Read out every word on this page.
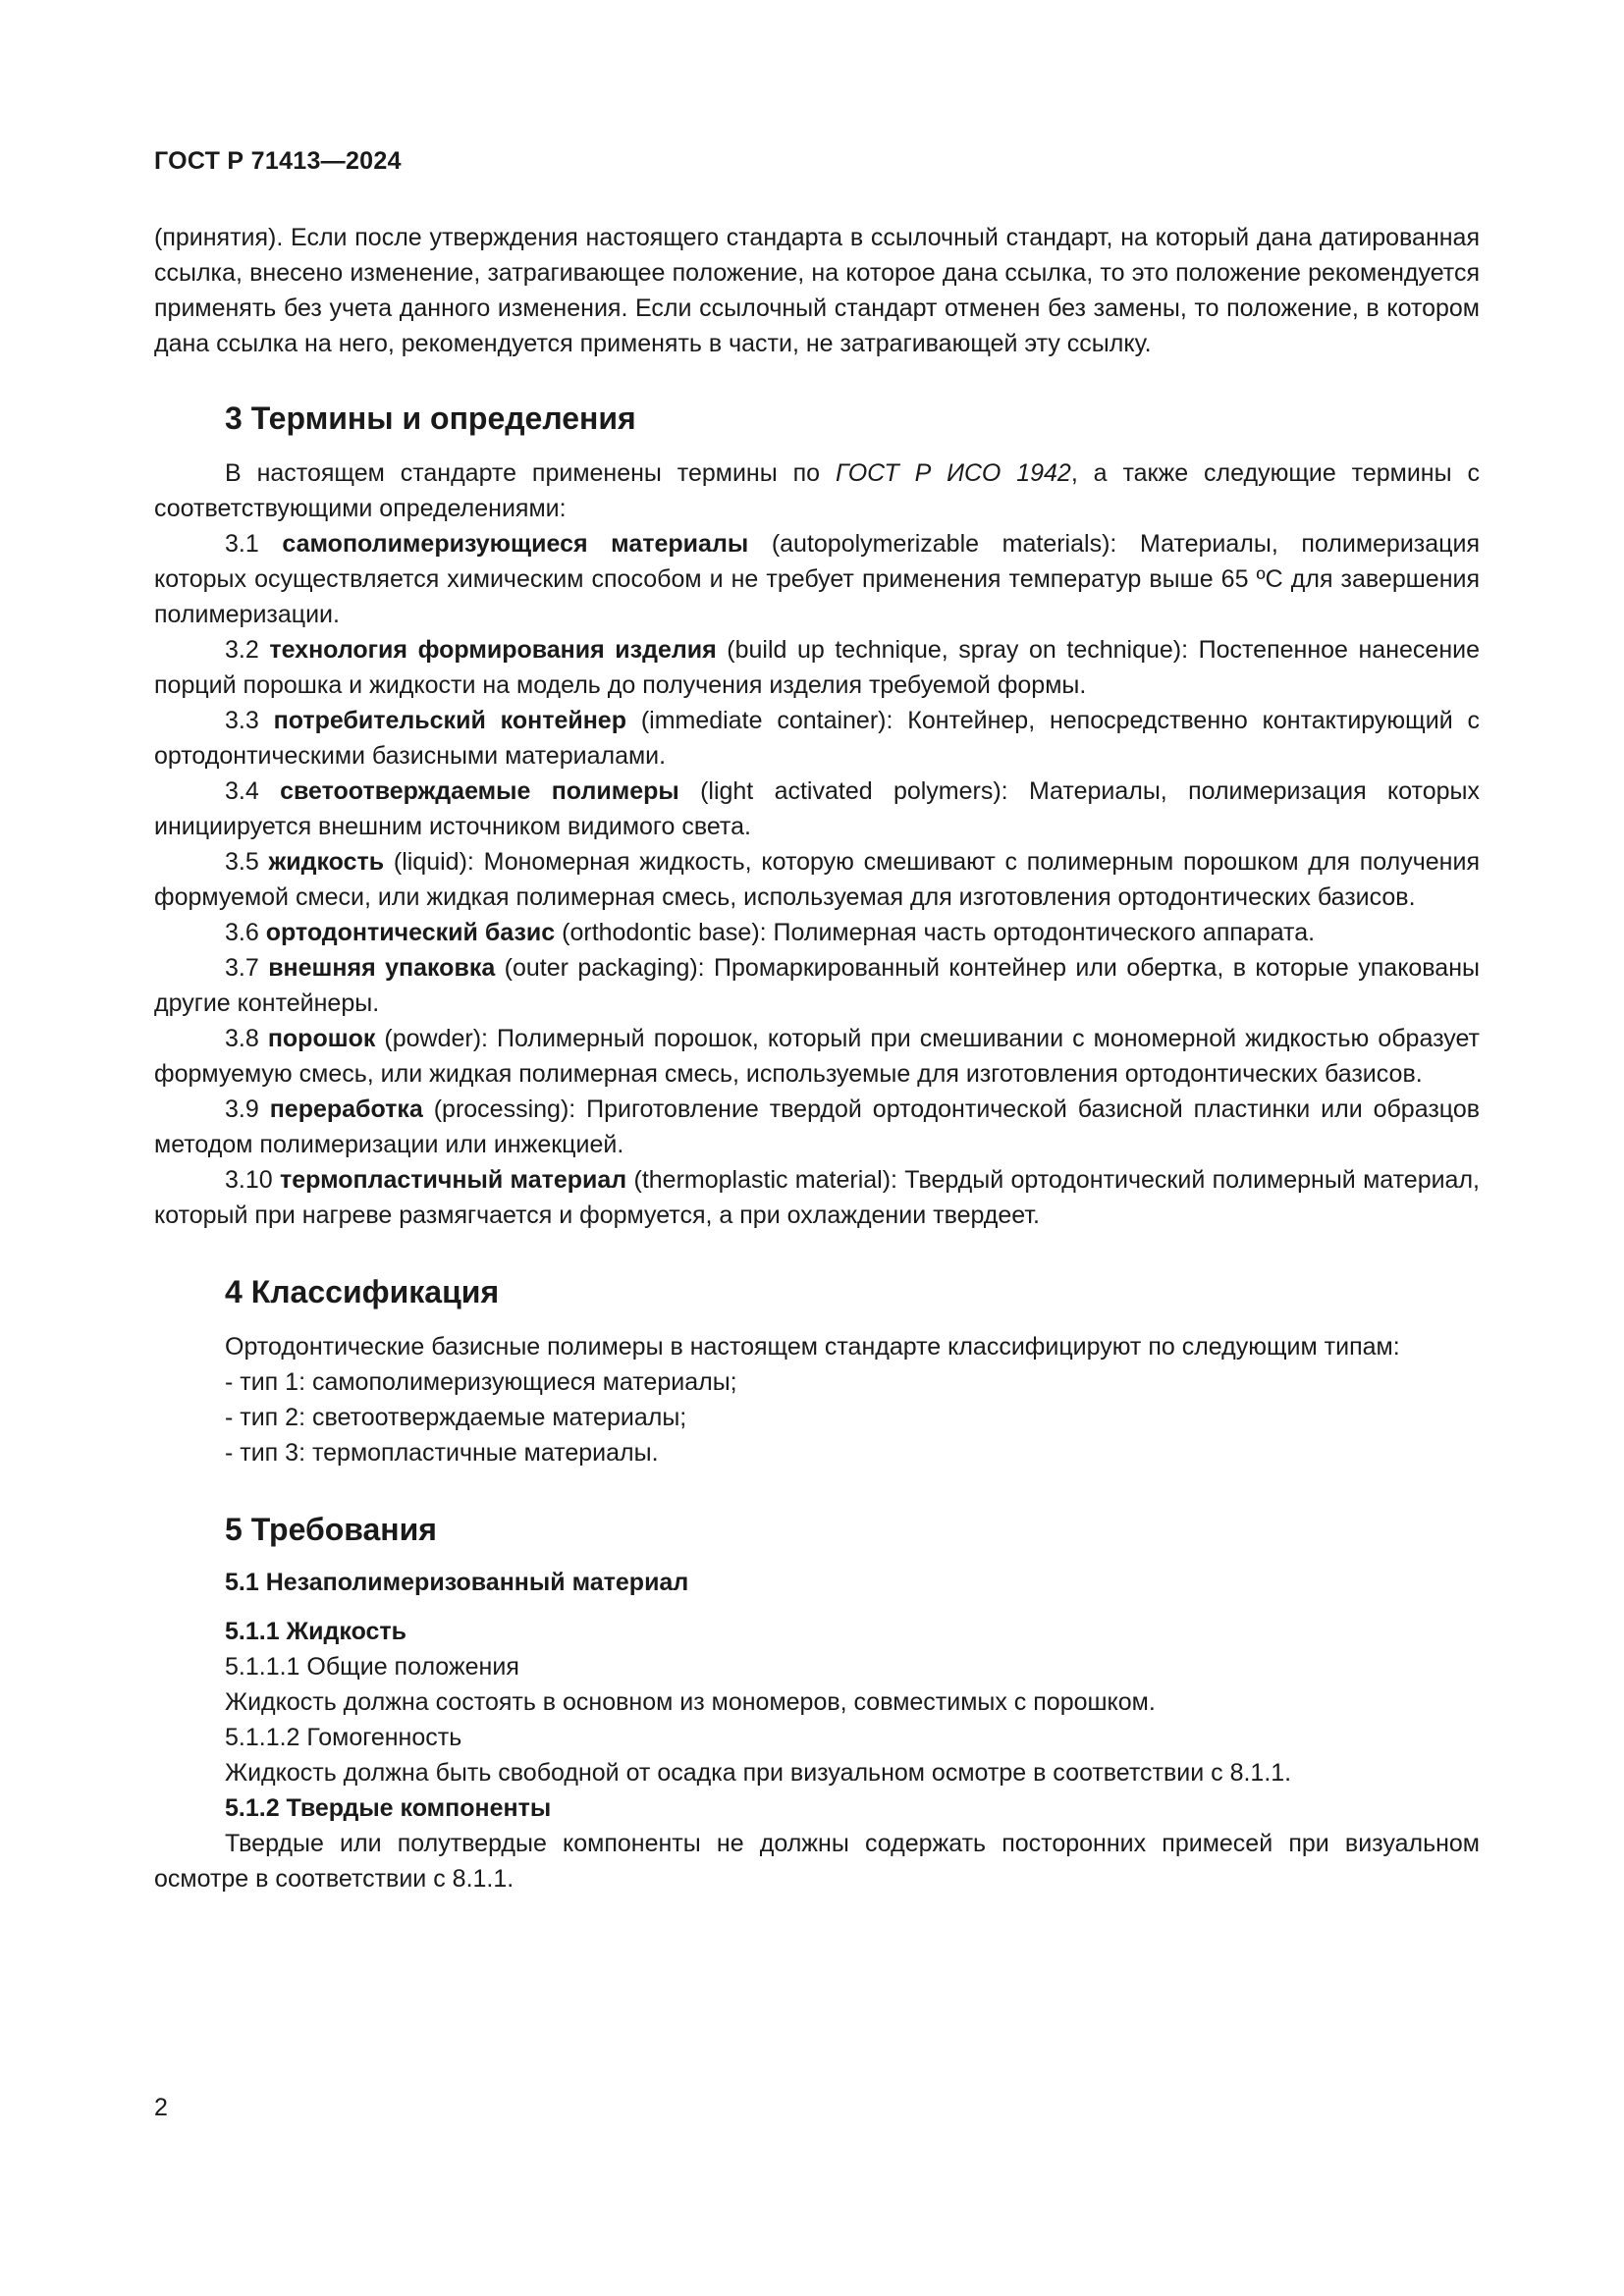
ГОСТ Р 71413—2024

(принятия). Если после утверждения настоящего стандарта в ссылочный стандарт, на который дана датированная ссылка, внесено изменение, затрагивающее положение, на которое дана ссылка, то это положение рекомендуется применять без учета данного изменения. Если ссылочный стандарт отменен без замены, то положение, в котором дана ссылка на него, рекомендуется применять в части, не затрагивающей эту ссылку.

3 Термины и определения

В настоящем стандарте применены термины по ГОСТ Р ИСО 1942, а также следующие термины с соответствующими определениями:

3.1 самополимеризующиеся материалы (autopolymerizable materials): Материалы, полимеризация которых осуществляется химическим способом и не требует применения температур выше 65 ºС для завершения полимеризации.

3.2 технология формирования изделия (build up technique, spray on technique): Постепенное нанесение порций порошка и жидкости на модель до получения изделия требуемой формы.

3.3 потребительский контейнер (immediate container): Контейнер, непосредственно контактирующий с ортодонтическими базисными материалами.

3.4 светоотверждаемые полимеры (light activated polymers): Материалы, полимеризация которых инициируется внешним источником видимого света.

3.5 жидкость (liquid): Мономерная жидкость, которую смешивают с полимерным порошком для получения формуемой смеси, или жидкая полимерная смесь, используемая для изготовления ортодонтических базисов.

3.6 ортодонтический базис (orthodontic base): Полимерная часть ортодонтического аппарата.

3.7 внешняя упаковка (outer packaging): Промаркированный контейнер или обертка, в которые упакованы другие контейнеры.

3.8 порошок (powder): Полимерный порошок, который при смешивании с мономерной жидкостью образует формуемую смесь, или жидкая полимерная смесь, используемые для изготовления ортодонтических базисов.

3.9 переработка (processing): Приготовление твердой ортодонтической базисной пластинки или образцов методом полимеризации или инжекцией.

3.10 термопластичный материал (thermoplastic material): Твердый ортодонтический полимерный материал, который при нагреве размягчается и формуется, а при охлаждении твердеет.

4 Классификация

Ортодонтические базисные полимеры в настоящем стандарте классифицируют по следующим типам:

- тип 1: самополимеризующиеся материалы;
- тип 2: светоотверждаемые материалы;
- тип 3: термопластичные материалы.
5 Требования
5.1 Незаполимеризованный материал
5.1.1 Жидкость
5.1.1.1 Общие положения

Жидкость должна состоять в основном из мономеров, совместимых с порошком.

5.1.1.2 Гомогенность

Жидкость должна быть свободной от осадка при визуальном осмотре в соответствии с 8.1.1.

5.1.2 Твердые компоненты

Твердые или полутвердые компоненты не должны содержать посторонних примесей при визуальном осмотре в соответствии с 8.1.1.

2
